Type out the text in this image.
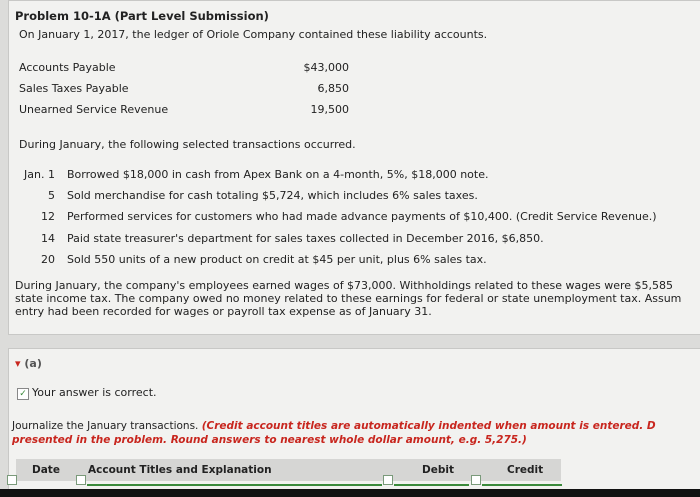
Problem 10-1A (Part Level Submission)
On January 1, 2017, the ledger of Oriole Company contained these liability accounts.
Accounts Payable	$43,000
Sales Taxes Payable	6,850
Unearned Service Revenue	19,500
During January, the following selected transactions occurred.
Jan. 1 Borrowed $18,000 in cash from Apex Bank on a 4-month, 5%, $18,000 note.
5 Sold merchandise for cash totaling $5,724, which includes 6% sales taxes.
12 Performed services for customers who had made advance payments of $10,400. (Credit Service Revenue.)
14 Paid state treasurer's department for sales taxes collected in December 2016, $6,850.
20 Sold 550 units of a new product on credit at $45 per unit, plus 6% sales tax.
During January, the company's employees earned wages of $73,000. Withholdings related to these wages were $5,585
state income tax. The company owed no money related to these earnings for federal or state unemployment tax. Assum
entry had been recorded for wages or payroll tax expense as of January 31.
▾ (a)
✓ Your answer is correct.
Journalize the January transactions. (Credit account titles are automatically indented when amount is entered. D
presented in the problem. Round answers to nearest whole dollar amount, e.g. 5,275.)
Date	Account Titles and Explanation	Debit	Credit
